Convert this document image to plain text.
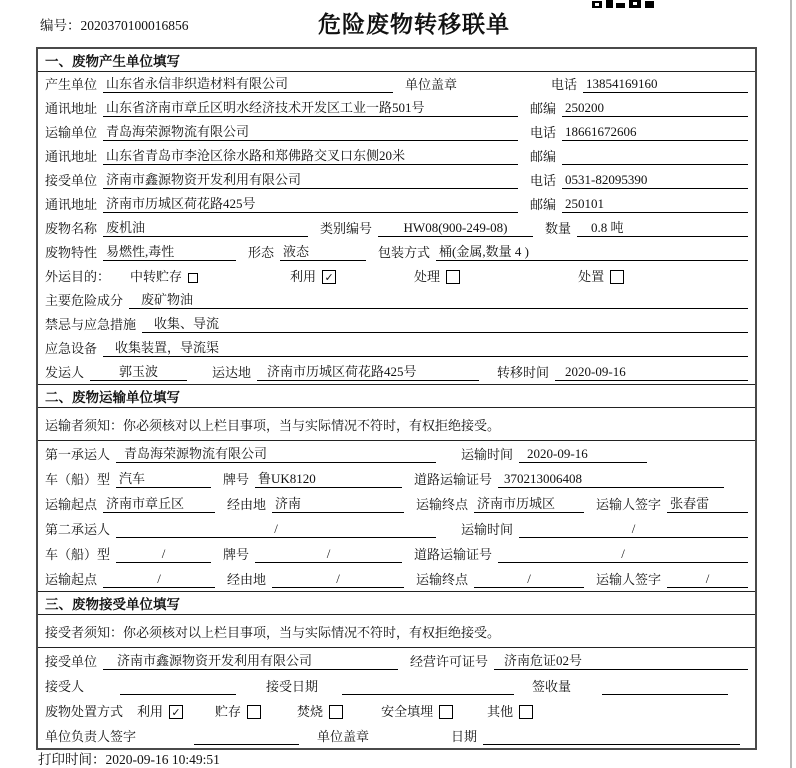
编号：2020370100016856	危险废物转移联单
一、废物产生单位填写
产生单位 山东省永信非织造材料有限公司	单位盖章	电话 13854169160
通讯地址 山东省济南市章丘区明水经济技术开发区工业一路501号	邮编 250200
运输单位 青岛海荣源物流有限公司	电话 18661672606
通讯地址 山东省青岛市李沧区徐水路和郑佛路交叉口东侧20米	邮编
接受单位 济南市鑫源物资开发利用有限公司	电话 0531-82095390
通讯地址 济南市历城区荷花路425号	邮编 250101
废物名称 废机油	类别编号	HW08(900-249-08)	数量	0.8 吨
废物特性 易燃性,毒性	形态 液态	包装方式 桶(金属,数量 4 )
外运目的： 中转贮存	利用 ✓	处理	处置
主要危险成分	废矿物油
禁忌与应急措施	收集、导流
应急设备	收集装置，导流渠
发运人	郭玉波	运达地	济南市历城区荷花路425号	转移时间	2020-09-16
二、废物运输单位填写
运输者须知： 你必须核对以上栏目事项，当与实际情况不符时，有权拒绝接受。
第一承运人	青岛海荣源物流有限公司	运输时间	2020-09-16
车（船）型 汽车	牌号 鲁UK8120	道路运输证号 370213006408
运输起点 济南市章丘区	经由地 济南	运输终点 济南市历城区	运输人签字 张春雷
第二承运人	/	运输时间	/
车（船）型	/	牌号	/	道路运输证号	/
运输起点	/	经由地	/	运输终点	/	运输人签字	/
三、废物接受单位填写
接受者须知： 你必须核对以上栏目事项，当与实际情况不符时，有权拒绝接受。
接受单位	济南市鑫源物资开发利用有限公司	经营许可证号	济南危证02号
接受人	接受日期	签收量
废物处置方式 利用 ✓	贮存	焚烧	安全填埋	其他
单位负责人签字	单位盖章	日期
打印时间：2020-09-16 10:49:51
